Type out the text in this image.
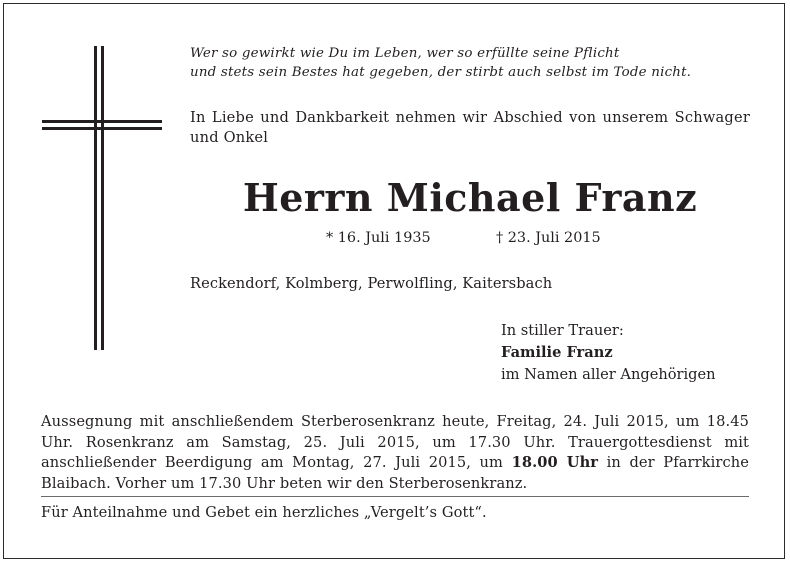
Wer so gewirkt wie Du im Leben, wer so erfüllte seine Pflicht
und stets sein Bestes hat gegeben, der stirbt auch selbst im Tode nicht.
In Liebe und Dankbarkeit nehmen wir Abschied von unserem Schwager und Onkel
Herrn Michael Franz
* 16. Juli 1935	† 23. Juli 2015
Reckendorf, Kolmberg, Perwolfling, Kaitersbach
In stiller Trauer:
Familie Franz
im Namen aller Angehörigen
Aussegnung mit anschließendem Sterberosenkranz heute, Freitag, 24. Juli 2015, um 18.45 Uhr. Rosenkranz am Samstag, 25. Juli 2015, um 17.30 Uhr. Trauergottesdienst mit anschließender Beerdigung am Montag, 27. Juli 2015, um 18.00 Uhr in der Pfarrkirche Blaibach. Vorher um 17.30 Uhr beten wir den Sterberosenkranz.
Für Anteilnahme und Gebet ein herzliches „Vergelt’s Gott“.
